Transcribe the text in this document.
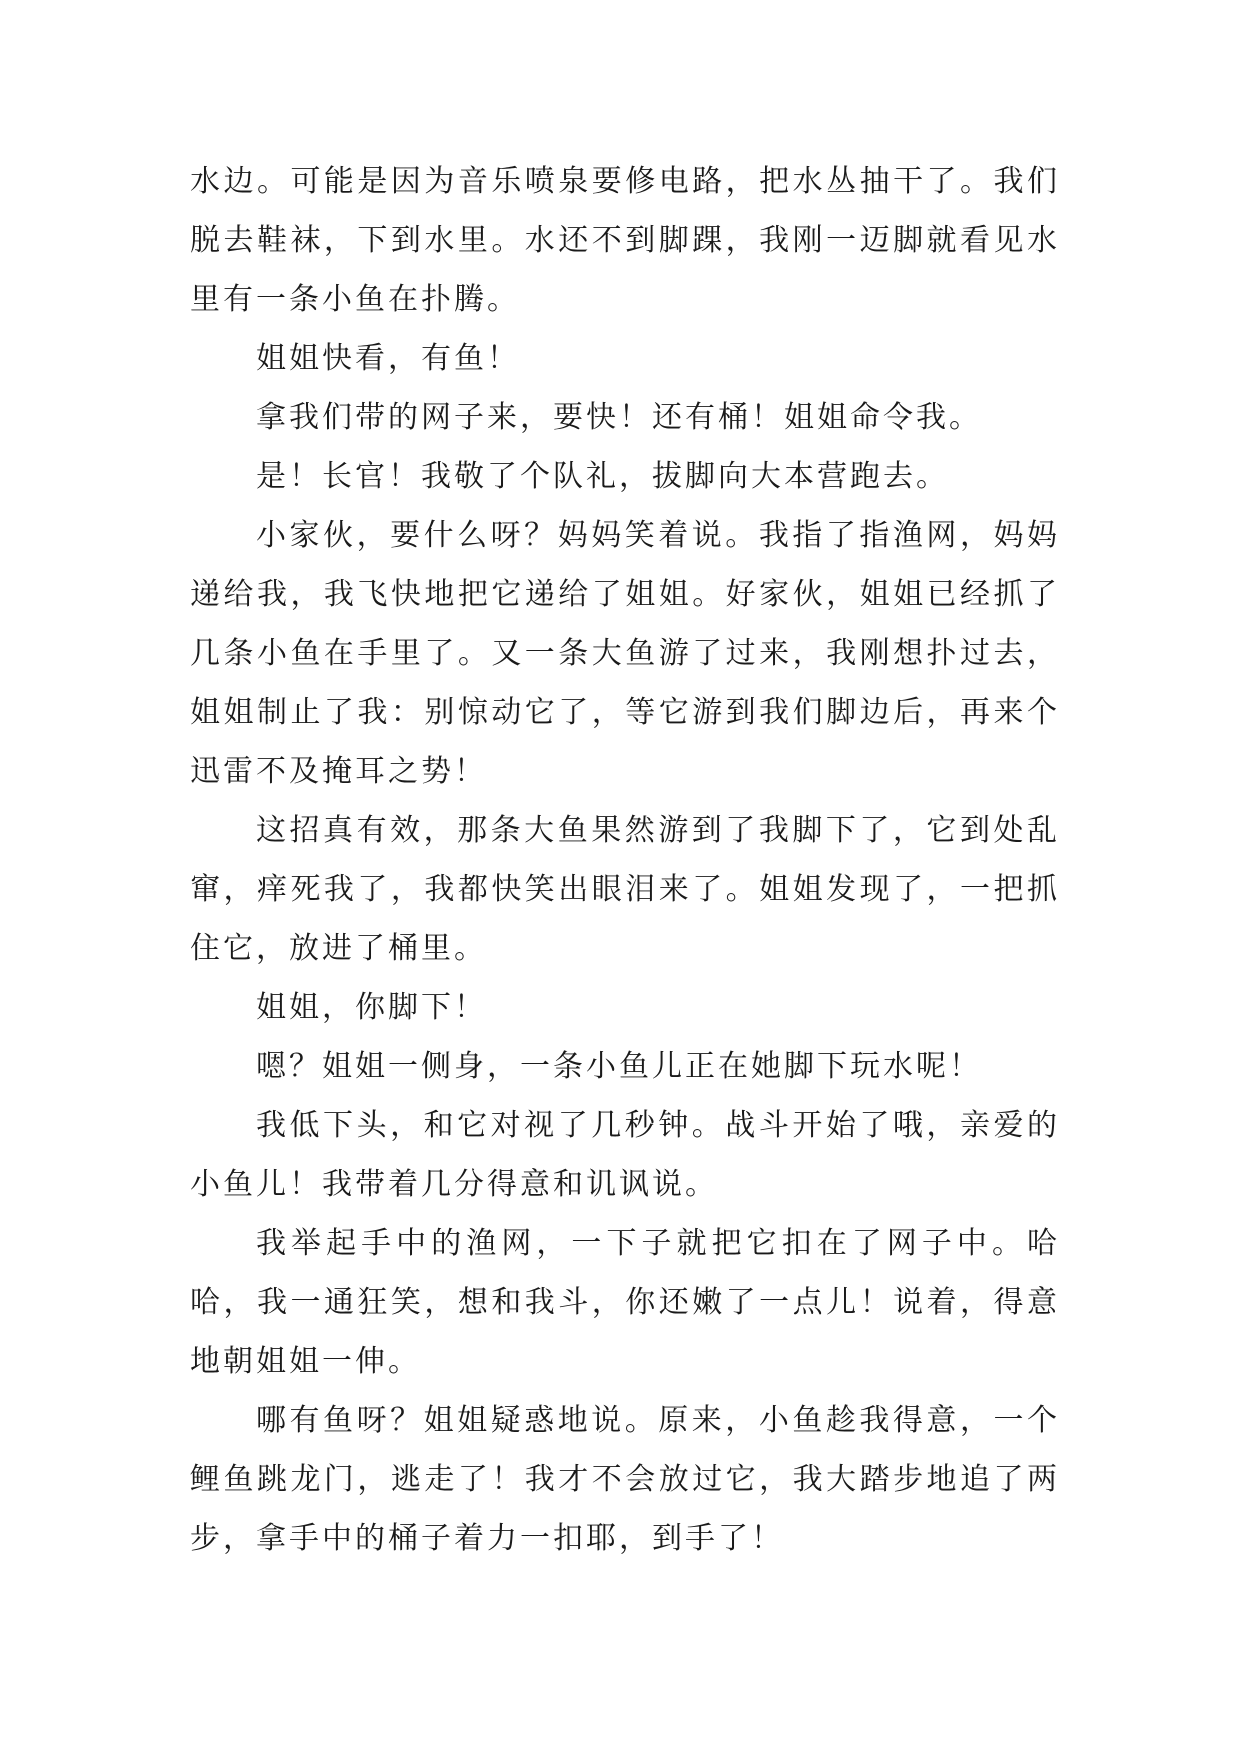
水边。可能是因为音乐喷泉要修电路，把水丛抽干了。我们脱去鞋袜，下到水里。水还不到脚踝，我刚一迈脚就看见水里有一条小鱼在扑腾。

姐姐快看，有鱼！

拿我们带的网子来，要快！还有桶！姐姐命令我。

是！长官！我敬了个队礼，拔脚向大本营跑去。

小家伙，要什么呀？妈妈笑着说。我指了指渔网，妈妈递给我，我飞快地把它递给了姐姐。好家伙，姐姐已经抓了几条小鱼在手里了。又一条大鱼游了过来，我刚想扑过去，姐姐制止了我：别惊动它了，等它游到我们脚边后，再来个迅雷不及掩耳之势！

这招真有效，那条大鱼果然游到了我脚下了，它到处乱窜，痒死我了，我都快笑出眼泪来了。姐姐发现了，一把抓住它，放进了桶里。

姐姐，你脚下！

嗯？姐姐一侧身，一条小鱼儿正在她脚下玩水呢！

我低下头，和它对视了几秒钟。战斗开始了哦，亲爱的小鱼儿！我带着几分得意和讥讽说。

我举起手中的渔网，一下子就把它扣在了网子中。哈哈，我一通狂笑，想和我斗，你还嫩了一点儿！说着，得意地朝姐姐一伸。

哪有鱼呀？姐姐疑惑地说。原来，小鱼趁我得意，一个鲤鱼跳龙门，逃走了！我才不会放过它，我大踏步地追了两步，拿手中的桶子着力一扣耶，到手了！
